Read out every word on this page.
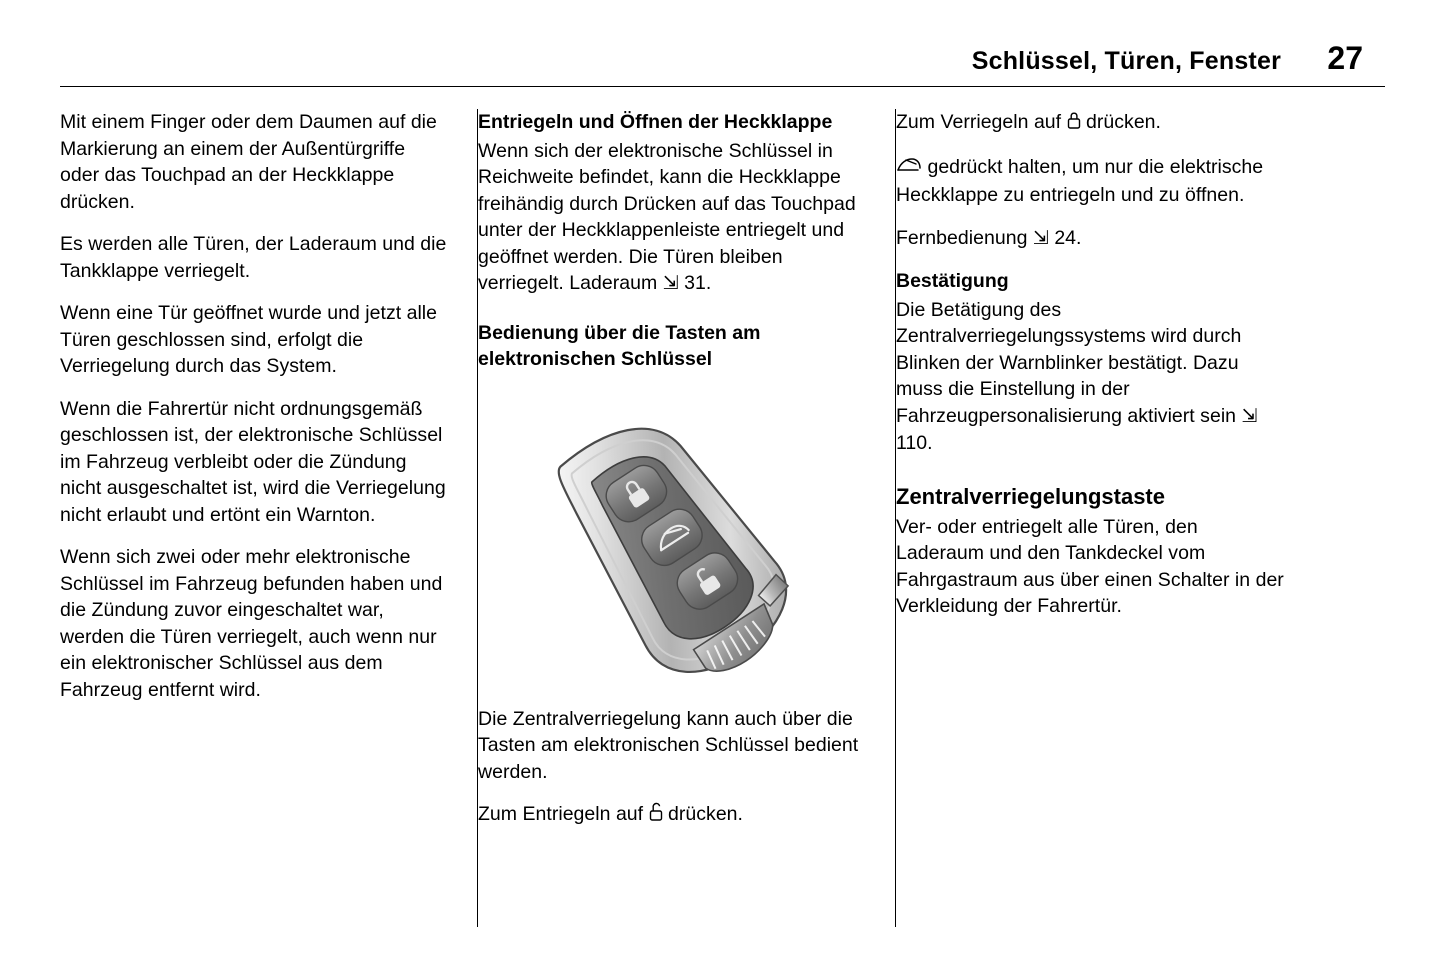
Schlüssel, Türen, Fenster	27

Mit einem Finger oder dem Daumen auf die Markierung an einem der Außentürgriffe oder das Touchpad an der Heckklappe drücken.

Es werden alle Türen, der Laderaum und die Tankklappe verriegelt.

Wenn eine Tür geöffnet wurde und jetzt alle Türen geschlossen sind, erfolgt die Verriegelung durch das System.

Wenn die Fahrertür nicht ordnungsgemäß geschlossen ist, der elektronische Schlüssel im Fahrzeug verbleibt oder die Zündung nicht ausgeschaltet ist, wird die Verriegelung nicht erlaubt und ertönt ein Warnton.

Wenn sich zwei oder mehr elektronische Schlüssel im Fahrzeug befunden haben und die Zündung zuvor eingeschaltet war, werden die Türen verriegelt, auch wenn nur ein elektronischer Schlüssel aus dem Fahrzeug entfernt wird.

Entriegeln und Öffnen der Heckklappe

Wenn sich der elektronische Schlüssel in Reichweite befindet, kann die Heckklappe freihändig durch Drücken auf das Touchpad unter der Heckklappenleiste entriegelt und geöffnet werden. Die Türen bleiben verriegelt. Laderaum ⇲ 31.

Bedienung über die Tasten am elektronischen Schlüssel

Die Zentralverriegelung kann auch über die Tasten am elektronischen Schlüssel bedient werden.

Zum Entriegeln auf drücken.

Zum Verriegeln auf drücken.

gedrückt halten, um nur die elektrische Heckklappe zu entriegeln und zu öffnen.

Fernbedienung ⇲ 24.

Bestätigung

Die Betätigung des Zentralverriegelungssystems wird durch Blinken der Warnblinker bestätigt. Dazu muss die Einstellung in der Fahrzeugpersonalisierung aktiviert sein ⇲ 110.

Zentralverriegelungstaste

Ver- oder entriegelt alle Türen, den Laderaum und den Tankdeckel vom Fahrgastraum aus über einen Schalter in der Verkleidung der Fahrertür.
